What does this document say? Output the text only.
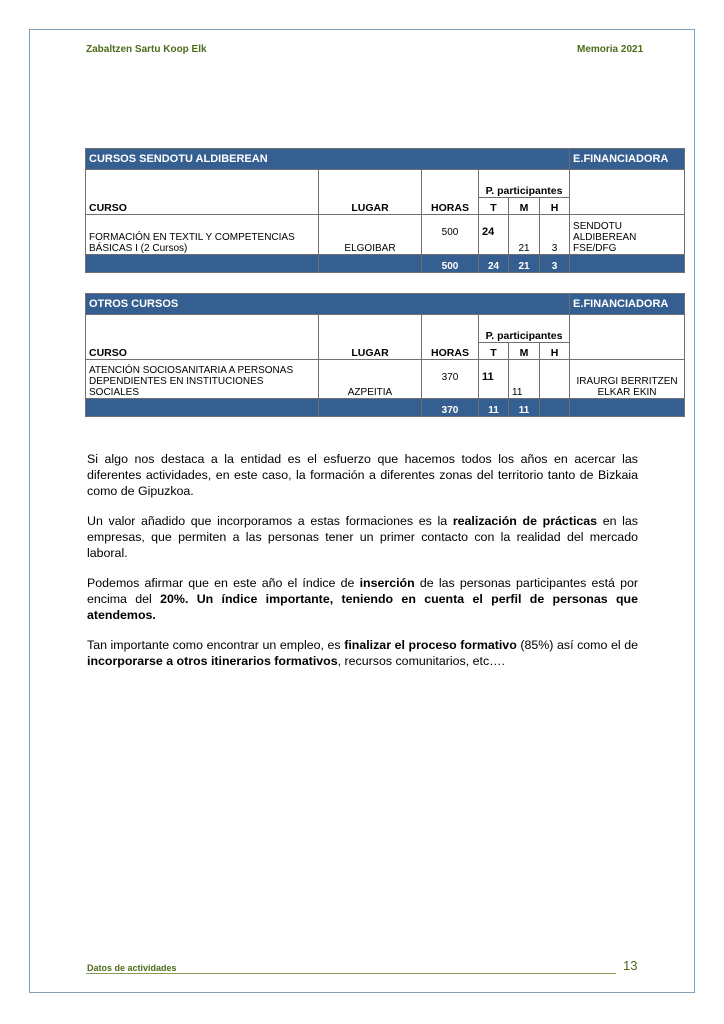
Zabaltzen Sartu Koop Elk	Memoria 2021
CURSOS SENDOTU ALDIBEREAN						E.FINANCIADORA
CURSO	LUGAR	HORAS	P. participantes			
			T	M	H	
FORMACIÓN EN TEXTIL Y COMPETENCIAS BÁSICAS I (2 Cursos)	ELGOIBAR	500	24	21	3	SENDOTU ALDIBEREAN FSE/DFG
		500	24	21	3	
OTROS CURSOS						E.FINANCIADORA
CURSO	LUGAR	HORAS	P. participantes			
			T	M	H	
ATENCIÓN SOCIOSANITARIA A PERSONAS DEPENDIENTES EN INSTITUCIONES SOCIALES	AZPEITIA	370	11	11		IRAURGI BERRITZEN ELKAR EKIN
		370	11	11		

Si algo nos destaca a la entidad es el esfuerzo que hacemos todos los años en acercar las diferentes actividades, en este caso, la formación a diferentes zonas del territorio tanto de Bizkaia como de Gipuzkoa.

Un valor añadido que incorporamos a estas formaciones es la realización de prácticas en las empresas, que permiten a las personas tener un primer contacto con la realidad del mercado laboral.

Podemos afirmar que en este año el índice de inserción de las personas participantes está por encima del 20%. Un índice importante, teniendo en cuenta el perfil de personas que atendemos.

Tan importante como encontrar un empleo, es finalizar el proceso formativo (85%) así como el de incorporarse a otros itinerarios formativos, recursos comunitarios, etc….

Datos de actividades	13
